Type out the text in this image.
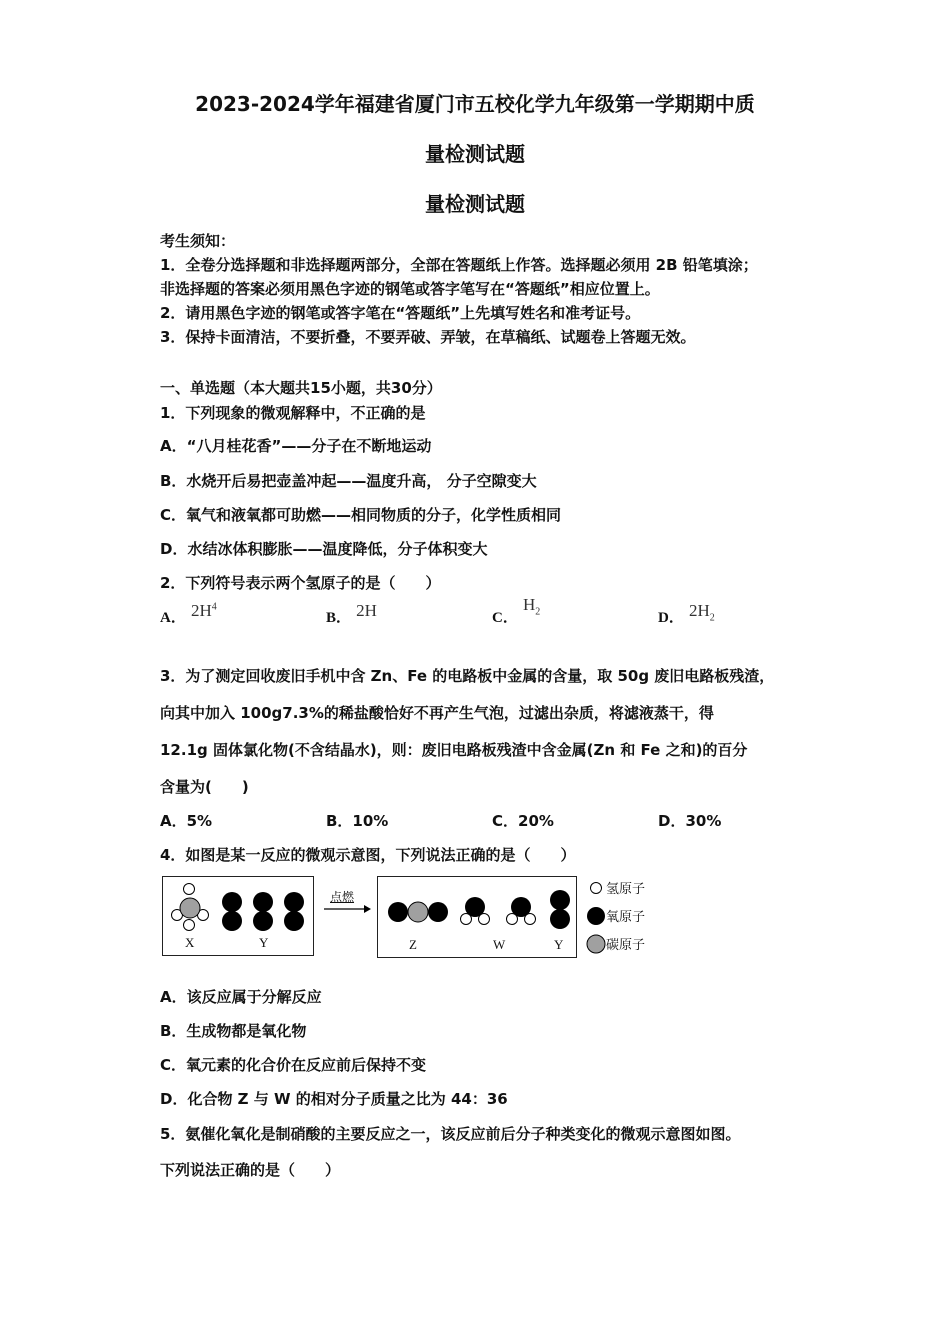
2023-2024学年福建省厦门市五校化学九年级第一学期期中质
量检测试题
量检测试题
考生须知：
1．全卷分选择题和非选择题两部分，全部在答题纸上作答。选择题必须用 2B 铅笔填涂；
非选择题的答案必须用黑色字迹的钢笔或答字笔写在“答题纸”相应位置上。
2．请用黑色字迹的钢笔或答字笔在“答题纸”上先填写姓名和准考证号。
3．保持卡面清洁，不要折叠，不要弄破、弄皱，在草稿纸、试题卷上答题无效。
一、单选题（本大题共15小题，共30分）
1．下列现象的微观解释中，不正确的是
A．“八月桂花香”——分子在不断地运动
B．水烧开后易把壶盖冲起——温度升高， 分子空隙变大
C．氧气和液氧都可助燃——相同物质的分子，化学性质相同
D．水结冰体积膨胀——温度降低，分子体积变大
2．下列符号表示两个氢原子的是（　　）
A． $2H^4$
B． 2H	C． $H_2$	D． $2H_2$
3．为了测定回收废旧手机中含 Zn、Fe 的电路板中金属的含量，取 50g 废旧电路板残渣，
向其中加入 100g7.3%的稀盐酸恰好不再产生气泡，过滤出杂质，将滤液蒸干，得
12.1g 固体氯化物(不含结晶水)，则：废旧电路板残渣中含金属(Zn 和 Fe 之和)的百分
含量为(　　)
A．5%	B．10%	C．20%	D．30%
4．如图是某一反应的微观示意图，下列说法正确的是（　　）
X	Y
点燃
Z	W	Y
氢原子
氧原子
碳原子
A．该反应属于分解反应
B．生成物都是氧化物
C．氧元素的化合价在反应前后保持不变
D．化合物 Z 与 W 的相对分子质量之比为 44：36
5．氨催化氧化是制硝酸的主要反应之一，该反应前后分子种类变化的微观示意图如图。
下列说法正确的是（　　）
